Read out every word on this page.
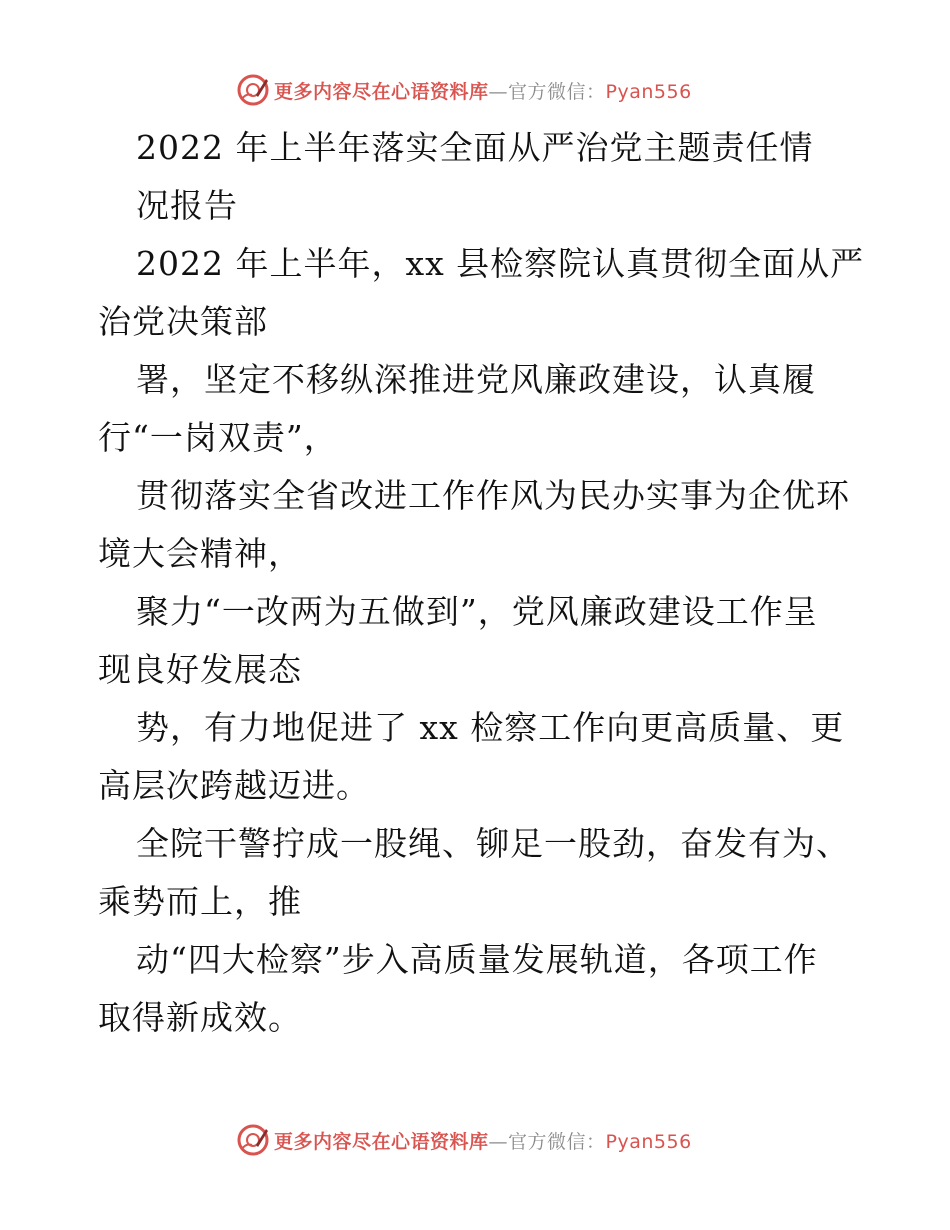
更多内容尽在心语资料库—官方微信：Pyan556
2022 年上半年落实全面从严治党主题责任情
况报告
2022 年上半年，xx 县检察院认真贯彻全面从严
治党决策部
署，坚定不移纵深推进党风廉政建设，认真履
行“一岗双责”，
贯彻落实全省改进工作作风为民办实事为企优环
境大会精神，
聚力“一改两为五做到”，党风廉政建设工作呈
现良好发展态
势，有力地促进了 xx 检察工作向更高质量、更
高层次跨越迈进。
全院干警拧成一股绳、铆足一股劲，奋发有为、
乘势而上，推
动“四大检察”步入高质量发展轨道，各项工作
取得新成效。
更多内容尽在心语资料库—官方微信：Pyan556
